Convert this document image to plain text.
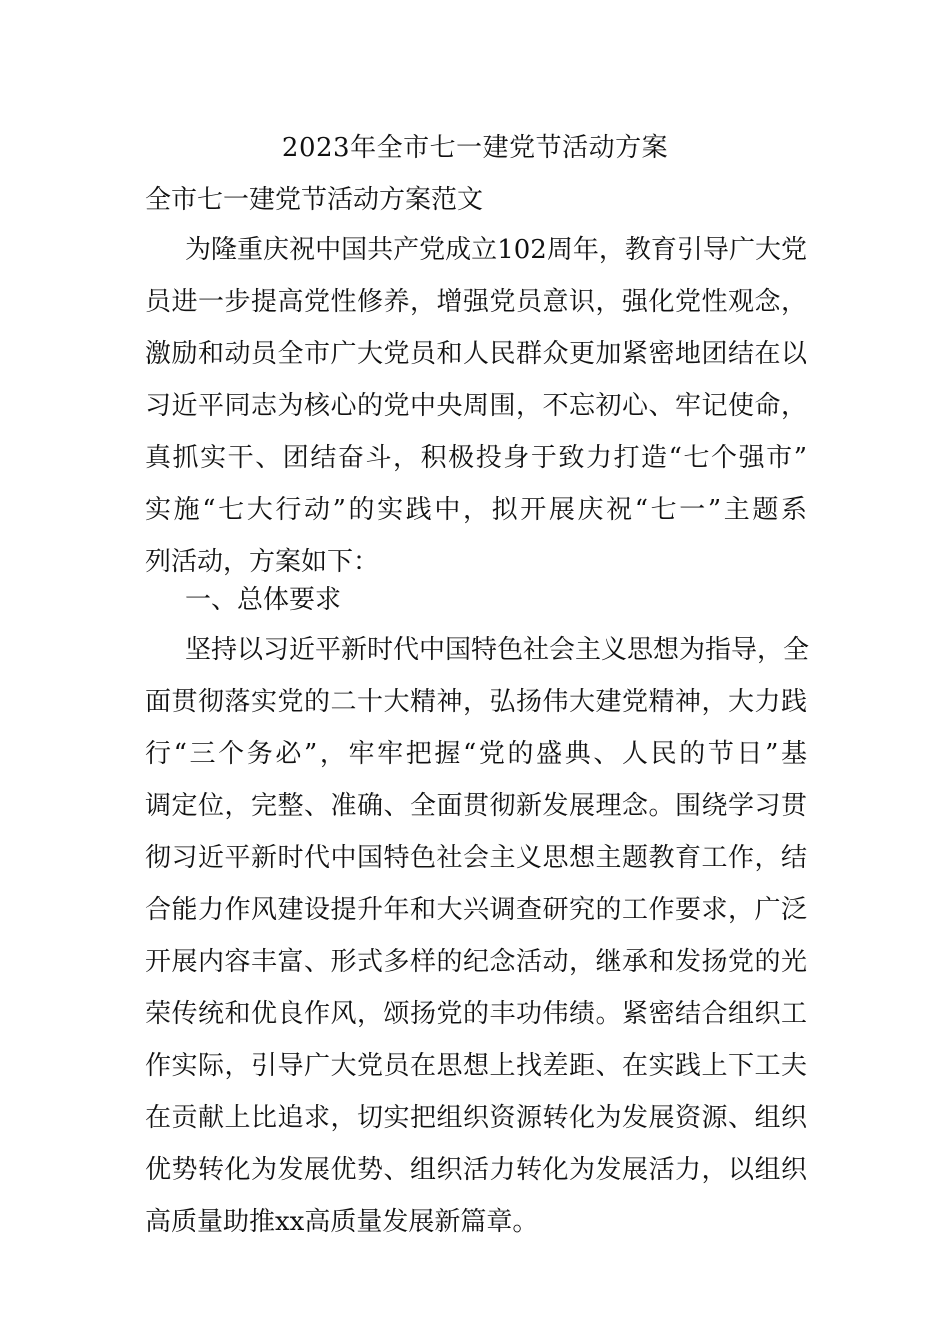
2023年全市七一建党节活动方案
全市七一建党节活动方案范文
为隆重庆祝中国共产党成立102周年，教育引导广大党
员进一步提高党性修养，增强党员意识，强化党性观念，
激励和动员全市广大党员和人民群众更加紧密地团结在以
习近平同志为核心的党中央周围，不忘初心、牢记使命，
真抓实干、团结奋斗，积极投身于致力打造“七个强市”
实施“七大行动”的实践中，拟开展庆祝“七一”主题系
列活动，方案如下：
一、总体要求
坚持以习近平新时代中国特色社会主义思想为指导，全
面贯彻落实党的二十大精神，弘扬伟大建党精神，大力践
行“三个务必”，牢牢把握“党的盛典、人民的节日”基
调定位，完整、准确、全面贯彻新发展理念。围绕学习贯
彻习近平新时代中国特色社会主义思想主题教育工作，结
合能力作风建设提升年和大兴调查研究的工作要求，广泛
开展内容丰富、形式多样的纪念活动，继承和发扬党的光
荣传统和优良作风，颂扬党的丰功伟绩。紧密结合组织工
作实际，引导广大党员在思想上找差距、在实践上下工夫
在贡献上比追求，切实把组织资源转化为发展资源、组织
优势转化为发展优势、组织活力转化为发展活力，以组织
高质量助推xx高质量发展新篇章。
